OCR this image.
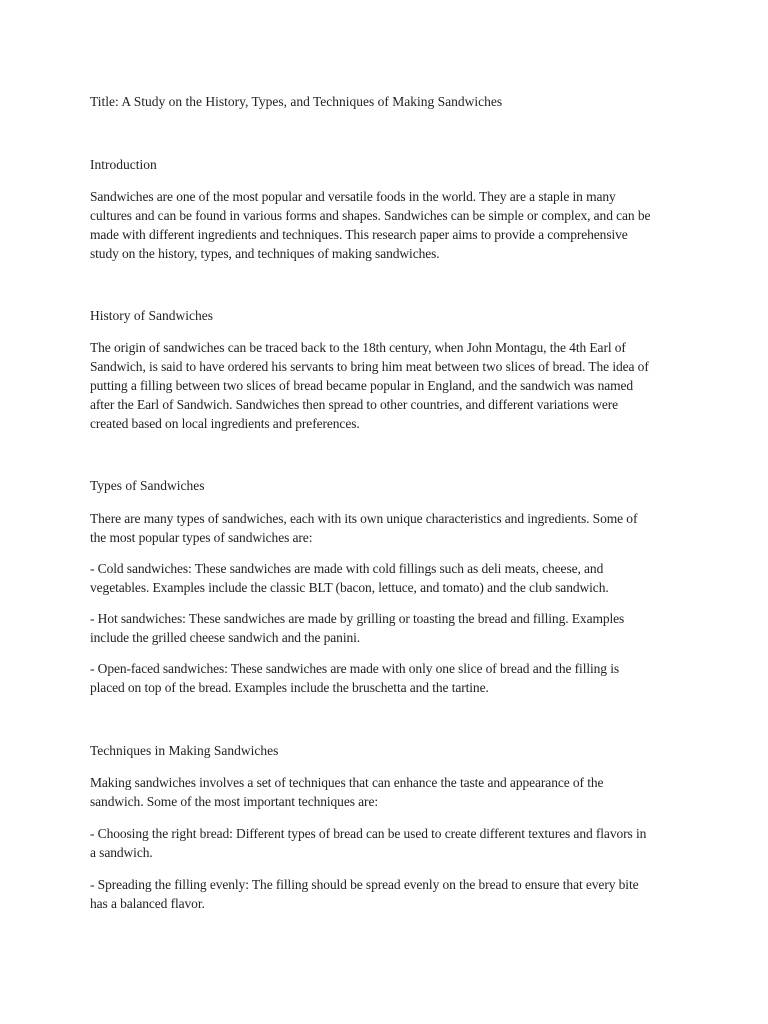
Title: A Study on the History, Types, and Techniques of Making Sandwiches
Introduction
Sandwiches are one of the most popular and versatile foods in the world. They are a staple in many
cultures and can be found in various forms and shapes. Sandwiches can be simple or complex, and can be
made with different ingredients and techniques. This research paper aims to provide a comprehensive
study on the history, types, and techniques of making sandwiches.
History of Sandwiches
The origin of sandwiches can be traced back to the 18th century, when John Montagu, the 4th Earl of
Sandwich, is said to have ordered his servants to bring him meat between two slices of bread. The idea of
putting a filling between two slices of bread became popular in England, and the sandwich was named
after the Earl of Sandwich. Sandwiches then spread to other countries, and different variations were
created based on local ingredients and preferences.
Types of Sandwiches
There are many types of sandwiches, each with its own unique characteristics and ingredients. Some of
the most popular types of sandwiches are:
- Cold sandwiches: These sandwiches are made with cold fillings such as deli meats, cheese, and
vegetables. Examples include the classic BLT (bacon, lettuce, and tomato) and the club sandwich.
- Hot sandwiches: These sandwiches are made by grilling or toasting the bread and filling. Examples
include the grilled cheese sandwich and the panini.
- Open-faced sandwiches: These sandwiches are made with only one slice of bread and the filling is
placed on top of the bread. Examples include the bruschetta and the tartine.
Techniques in Making Sandwiches
Making sandwiches involves a set of techniques that can enhance the taste and appearance of the
sandwich. Some of the most important techniques are:
- Choosing the right bread: Different types of bread can be used to create different textures and flavors in
a sandwich.
- Spreading the filling evenly: The filling should be spread evenly on the bread to ensure that every bite
has a balanced flavor.
